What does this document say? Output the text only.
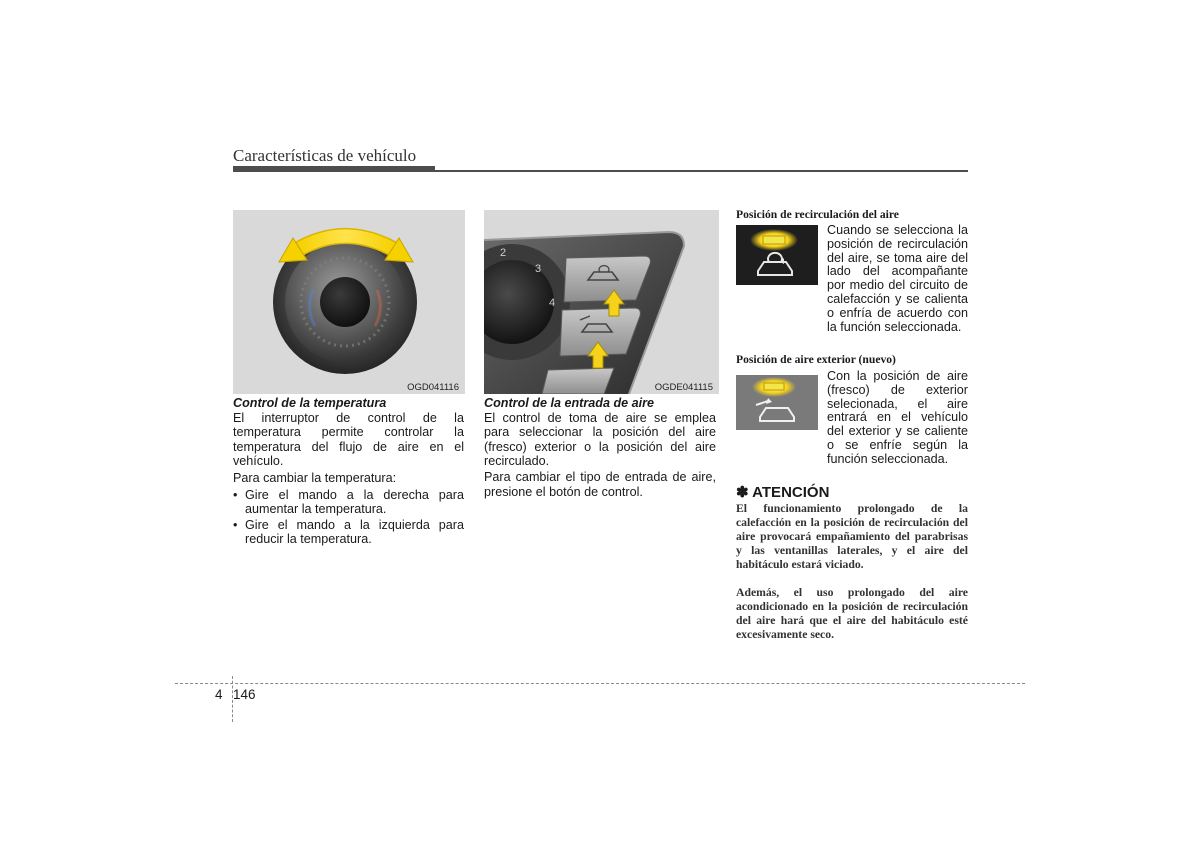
Características de vehículo
OGD041116
2
3
4
OGDE041115

Control de la temperatura

El interruptor de control de la temperatura permite controlar la temperatura del flujo de aire en el vehículo.

Para cambiar la temperatura:

• Gire el mando a la derecha para aumentar la temperatura.
• Gire el mando a la izquierda para reducir la temperatura.

Control de la entrada de aire

El control de toma de aire se emplea para seleccionar la posición del aire (fresco) exterior o la posición del aire recirculado.

Para cambiar el tipo de entrada de aire, presione el botón de control.

Posición de recirculación del aire
Cuando se selecciona la posición de recirculación del aire, se toma aire del lado del acompañante por medio del circuito de calefacción y se calienta o enfría de acuerdo con la función seleccionada.
Posición de aire exterior (nuevo)
Con la posición de aire (fresco) de exterior selecionada, el aire entrará en el vehículo del exterior y se caliente o se enfríe según la función seleccionada.
✽ ATENCIÓN
El funcionamiento prolongado de la calefacción en la posición de recirculación del aire provocará empañamiento del parabrisas y las ventanillas laterales, y el aire del habitáculo estará viciado.
Además, el uso prolongado del aire acondicionado en la posición de recirculación del aire hará que el aire del habitáculo esté excesivamente seco.
4 146
